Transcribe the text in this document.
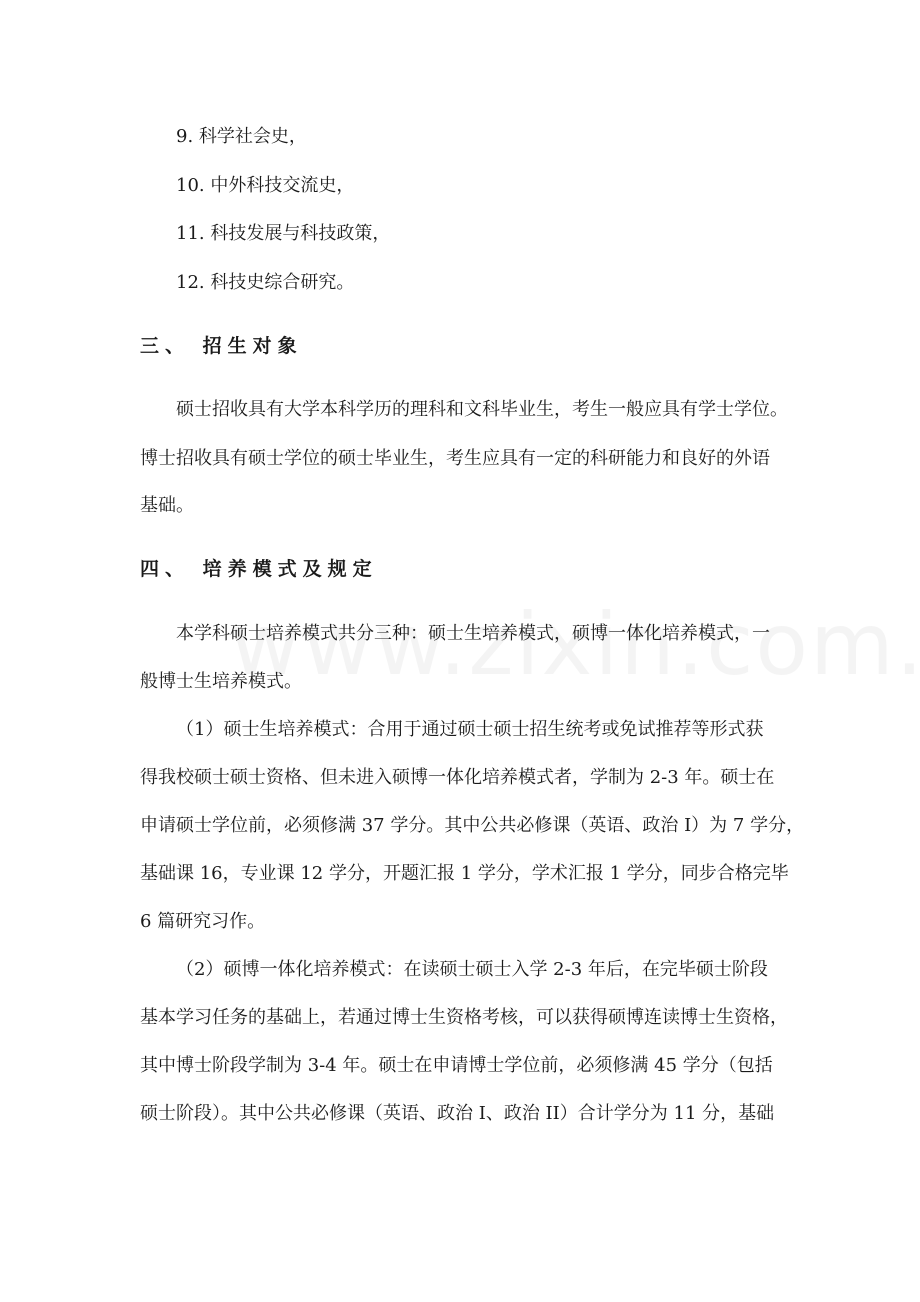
9. 科学社会史，
10. 中外科技交流史，
11. 科技发展与科技政策，
12. 科技史综合研究。
三、 招生对象
硕士招收具有大学本科学历的理科和文科毕业生，考生一般应具有学士学位。
博士招收具有硕士学位的硕士毕业生，考生应具有一定的科研能力和良好的外语
基础。
四、 培养模式及规定
本学科硕士培养模式共分三种：硕士生培养模式，硕博一体化培养模式，一
般博士生培养模式。
（1）硕士生培养模式：合用于通过硕士硕士招生统考或免试推荐等形式获
得我校硕士硕士资格、但未进入硕博一体化培养模式者，学制为 2-3 年。硕士在
申请硕士学位前，必须修满 37 学分。其中公共必修课（英语、政治 I）为 7 学分，
基础课 16，专业课 12 学分，开题汇报 1 学分，学术汇报 1 学分，同步合格完毕
6 篇研究习作。
（2）硕博一体化培养模式：在读硕士硕士入学 2-3 年后，在完毕硕士阶段
基本学习任务的基础上，若通过博士生资格考核，可以获得硕博连读博士生资格，
其中博士阶段学制为 3-4 年。硕士在申请博士学位前，必须修满 45 学分（包括
硕士阶段）。其中公共必修课（英语、政治 I、政治 II）合计学分为 11 分，基础
